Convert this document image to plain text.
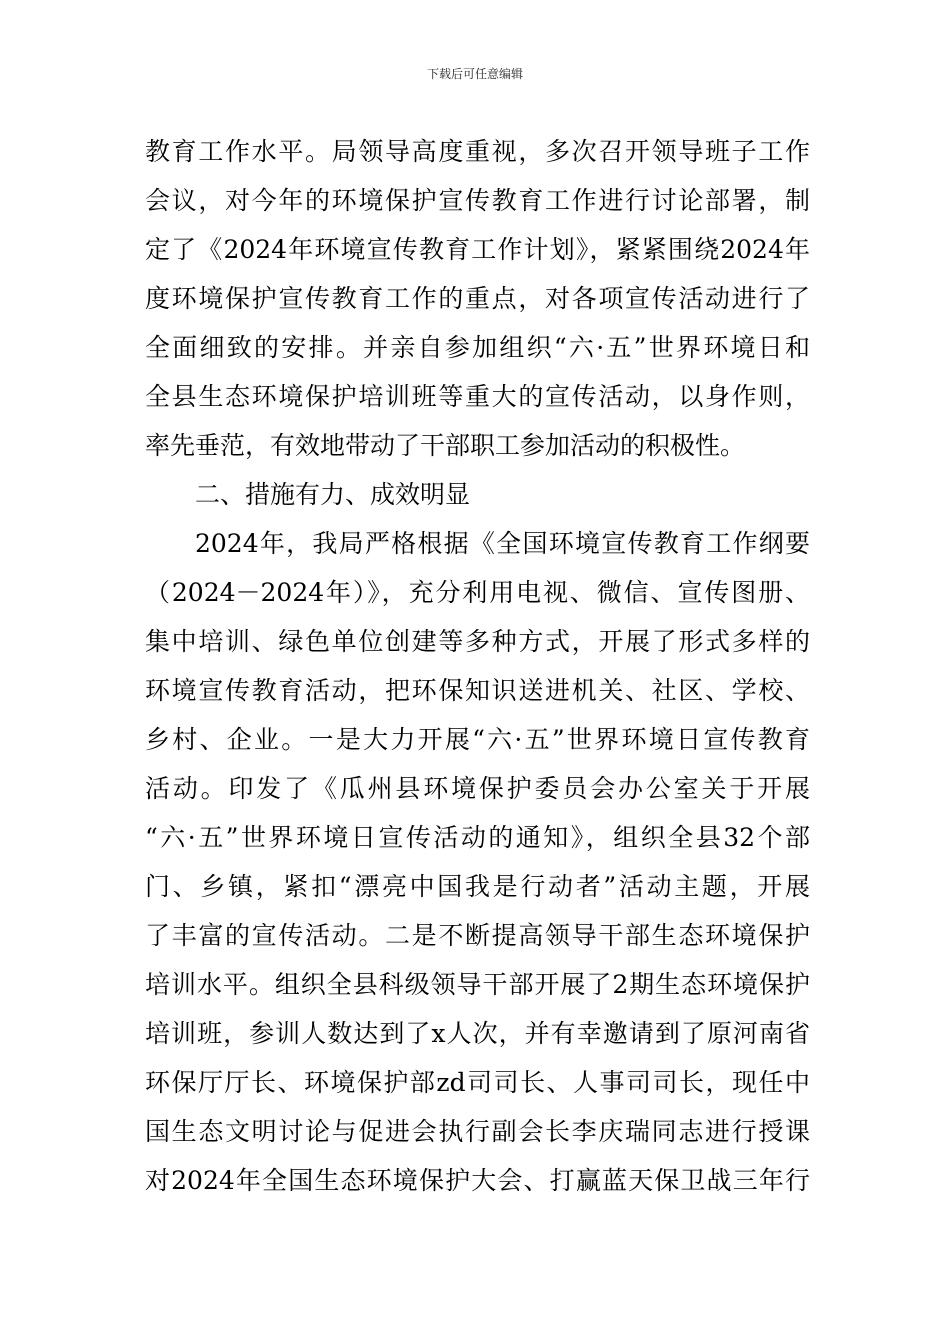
下载后可任意编辑
教育工作水平。局领导高度重视，多次召开领导班子工作
会议，对今年的环境保护宣传教育工作进行讨论部署，制
定了《2024年环境宣传教育工作计划》，紧紧围绕2024年
度环境保护宣传教育工作的重点，对各项宣传活动进行了
全面细致的安排。并亲自参加组织“六·五”世界环境日和
全县生态环境保护培训班等重大的宣传活动，以身作则，
率先垂范，有效地带动了干部职工参加活动的积极性。
二、措施有力、成效明显
2024年，我局严格根据《全国环境宣传教育工作纲要
（2024－2024年）》，充分利用电视、微信、宣传图册、
集中培训、绿色单位创建等多种方式，开展了形式多样的
环境宣传教育活动，把环保知识送进机关、社区、学校、
乡村、企业。一是大力开展“六·五”世界环境日宣传教育
活动。印发了《瓜州县环境保护委员会办公室关于开展
“六·五”世界环境日宣传活动的通知》，组织全县32个部
门、乡镇，紧扣“漂亮中国我是行动者”活动主题，开展
了丰富的宣传活动。二是不断提高领导干部生态环境保护
培训水平。组织全县科级领导干部开展了2期生态环境保护
培训班，参训人数达到了x人次，并有幸邀请到了原河南省
环保厅厅长、环境保护部zd司司长、人事司司长，现任中
国生态文明讨论与促进会执行副会长李庆瑞同志进行授课
对2024年全国生态环境保护大会、打赢蓝天保卫战三年行
